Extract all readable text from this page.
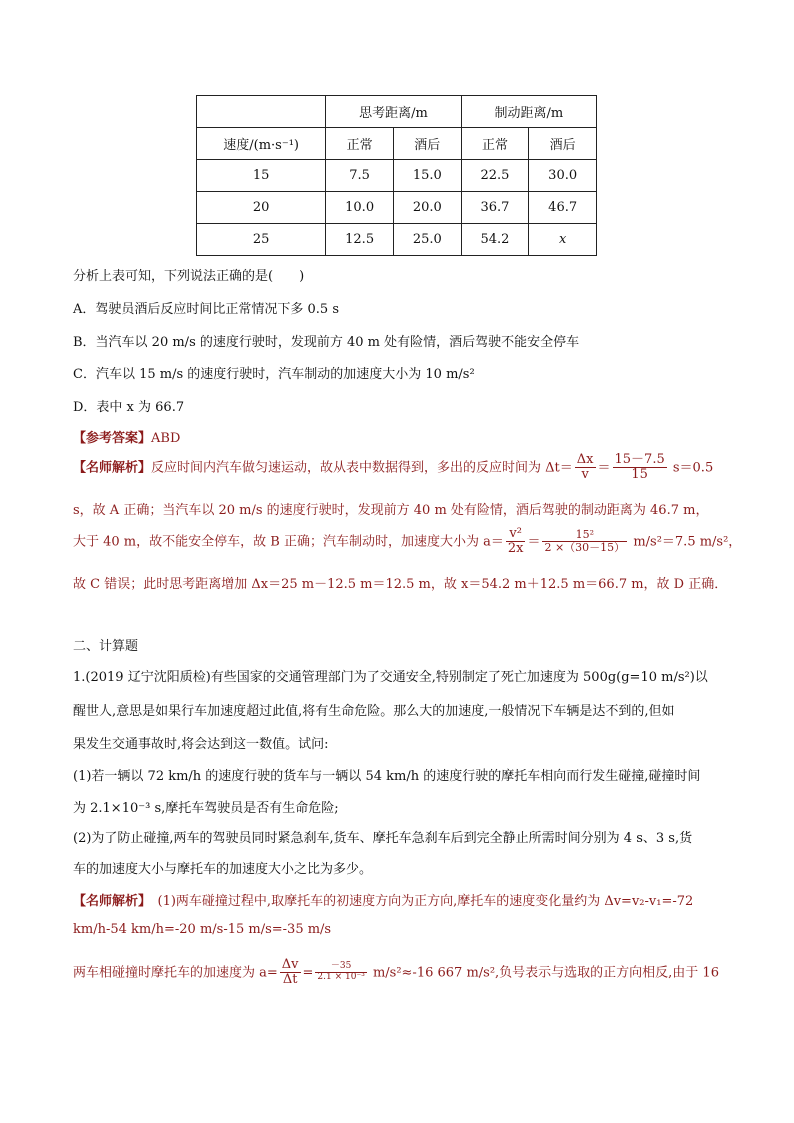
	思考距离/m		制动距离/m	
速度/(m·s⁻¹)	正常	酒后	正常	酒后
15	7.5	15.0	22.5	30.0
20	10.0	20.0	36.7	46.7
25	12.5	25.0	54.2	x
分析上表可知，下列说法正确的是(　　)
A．驾驶员酒后反应时间比正常情况下多 0.5 s
B．当汽车以 20 m/s 的速度行驶时，发现前方 40 m 处有险情，酒后驾驶不能安全停车
C．汽车以 15 m/s 的速度行驶时，汽车制动的加速度大小为 10 m/s²
D．表中 x 为 66.7
【参考答案】ABD
【名师解析】反应时间内汽车做匀速运动，故从表中数据得到，多出的反应时间为 $\Delta t= \frac{\Delta x}{v} = \frac{15-7.5}{15} s=0.5$
s，故 A 正确；当汽车以 20 m/s 的速度行驶时，发现前方 40 m 处有险情，酒后驾驶的制动距离为 46.7 m，
大于 40 m，故不能安全停车，故 B 正确；汽车制动时，加速度大小为 $a= \frac{\text{v²}}{2x} = \frac{\text{15²}}{2 \times(30-15)} m/s^2=7.5$ m/s²，
故 C 错误；此时思考距离增加 Δx＝25 m－12.5 m＝12.5 m，故 x＝54.2 m＋12.5 m＝66.7 m，故 D 正确．
二、计算题
1.(2019 辽宁沈阳质检)有些国家的交通管理部门为了交通安全,特别制定了死亡加速度为 500g(g=10 m/s²)以
醒世人,意思是如果行车加速度超过此值,将有生命危险。那么大的加速度,一般情况下车辆是达不到的,但如
果发生交通事故时,将会达到这一数值。试问:
(1)若一辆以 72 km/h 的速度行驶的货车与一辆以 54 km/h 的速度行驶的摩托车相向而行发生碰撞,碰撞时间
为 2.1×10⁻³ s,摩托车驾驶员是否有生命危险;
(2)为了防止碰撞,两车的驾驶员同时紧急刹车,货车、摩托车急刹车后到完全静止所需时间分别为 4 s、3 s,货
车的加速度大小与摩托车的加速度大小之比为多少。
【名师解析】　(1)两车碰撞过程中,取摩托车的初速度方向为正方向,摩托车的速度变化量约为 Δv=v₂-v₁=-72
km/h-54 km/h=-20 m/s-15 m/s=-35 m/s
两车相碰撞时摩托车的加速度为 $a= \frac{\Delta v}{\Delta t} = \frac{-35}{\text{2.1 × 10⁻³}} m/s^2\approx-16$ 667 m/s²,负号表示与选取的正方向相反,由于 16
